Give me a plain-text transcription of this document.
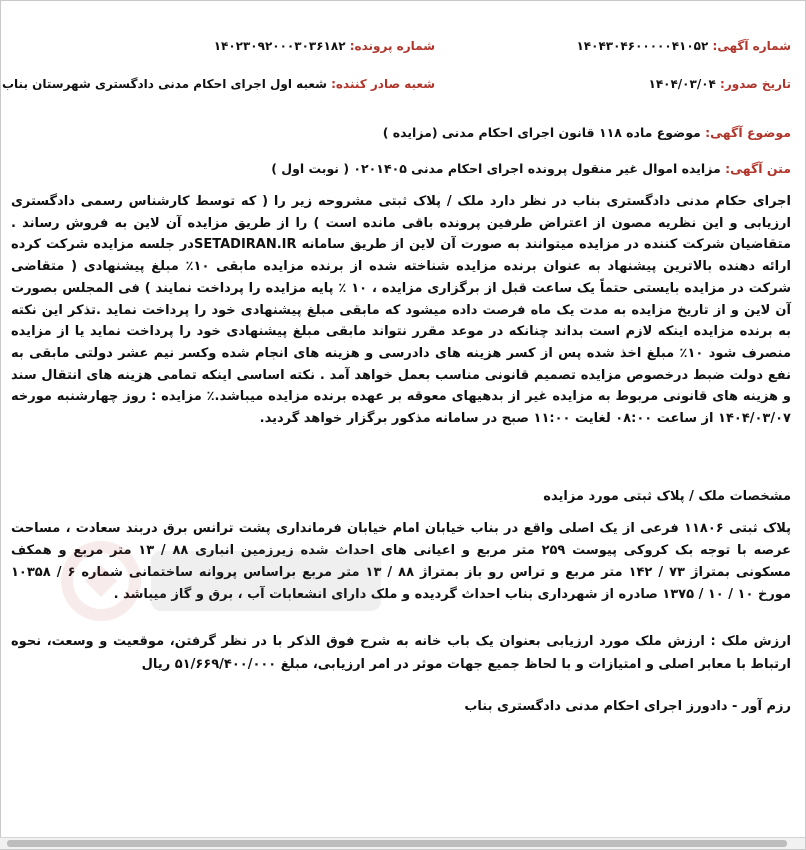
شماره آگهی: ۱۴۰۴۳۰۴۶۰۰۰۰۰۴۱۰۵۲
شماره پرونده: ۱۴۰۲۳۰۹۲۰۰۰۳۰۳۶۱۸۲
تاریخ صدور: ۱۴۰۴/۰۳/۰۴
شعبه صادر کننده: شعبه اول اجرای احکام مدنی دادگستری شهرستان بناب
موضوع آگهی: موضوع ماده ۱۱۸ قانون اجرای احکام مدنی (مزایده )
متن آگهی: مزایده اموال غیر منقول پرونده اجرای احکام مدنی ۰۲۰۱۴۰۵ ( نوبت اول )
اجرای حکام مدنی دادگستری بناب در نظر دارد ملک / پلاک ثبتی مشروحه زیر را ( که توسط کارشناس رسمی دادگستری ارزیابی و این نظریه مصون از اعتراض طرفین پرونده باقی مانده است ) را از طریق مزایده آن لاین به فروش رساند . متقاضیان شرکت کننده در مزایده میتوانند به صورت آن لاین از طریق سامانه SETADIRAN.IRدر جلسه مزایده شرکت کرده ارائه دهنده بالاترین پیشنهاد به عنوان برنده مزایده شناخته شده از برنده مزایده مابقی ۱۰٪ مبلغ پیشنهادی ( متقاضی شرکت در مزایده بایستی حتماً یک ساعت قبل از برگزاری مزایده ، ۱۰ ٪ پایه مزایده را پرداخت نمایند ) فی المجلس بصورت آن لاین و از تاریخ مزایده به مدت یک ماه فرصت داده میشود که مابقی مبلغ پیشنهادی خود را پرداخت نماید .تذکر این نکته به برنده مزایده اینکه لازم است بداند چنانکه در موعد مقرر نتواند مابقی مبلغ پیشنهادی خود را پرداخت نماید یا از مزایده منصرف شود ۱۰٪ مبلغ اخذ شده پس از کسر هزینه های دادرسی و هزینه های انجام شده وکسر نیم عشر دولتی مابقی به نفع دولت ضبط درخصوص مزایده تصمیم قانونی مناسب بعمل خواهد آمد . نکته اساسی اینکه تمامی هزینه های انتقال سند و هزینه های قانونی مربوط به مزایده غیر از بدهیهای معوقه بر عهده برنده مزایده میباشد.٪ مزایده : روز چهارشنبه مورخه ۱۴۰۴/۰۳/۰۷ از ساعت ۰۸:۰۰ لغایت ۱۱:۰۰ صبح در سامانه مذکور برگزار خواهد گردید.
مشخصات ملک / پلاک ثبتی مورد مزایده
پلاک ثبتی ۱۱۸۰۶ فرعی از یک اصلی واقع در بناب خیابان امام خیابان فرمانداری پشت ترانس برق دربند سعادت ، مساحت عرصه با توجه بک کروکی پیوست ۲۵۹ متر مربع و اعیانی های احداث شده زیرزمین انباری ۸۸ / ۱۳ متر مربع و همکف مسکونی بمتراژ ۷۳ / ۱۴۲ متر مربع و تراس رو باز بمتراژ ۸۸ / ۱۳ متر مربع براساس پروانه ساختمانی شماره ۶ / ۱۰۳۵۸ مورخ ۱۰ / ۱۰ / ۱۳۷۵ صادره از شهرداری بناب احداث گردیده و ملک دارای انشعابات آب ، برق و گاز میباشد .
ارزش ملک : ارزش ملک مورد ارزیابی بعنوان یک باب خانه به شرح فوق الذکر با در نظر گرفتن، موقعیت و وسعت، نحوه ارتباط با معابر اصلی و امتیازات و با لحاظ جمیع جهات موثر در امر ارزیابی، مبلغ ۵۱/۶۶۹/۴۰۰/۰۰۰ ریال
رزم آور - دادورز اجرای احکام مدنی دادگستری بناب
